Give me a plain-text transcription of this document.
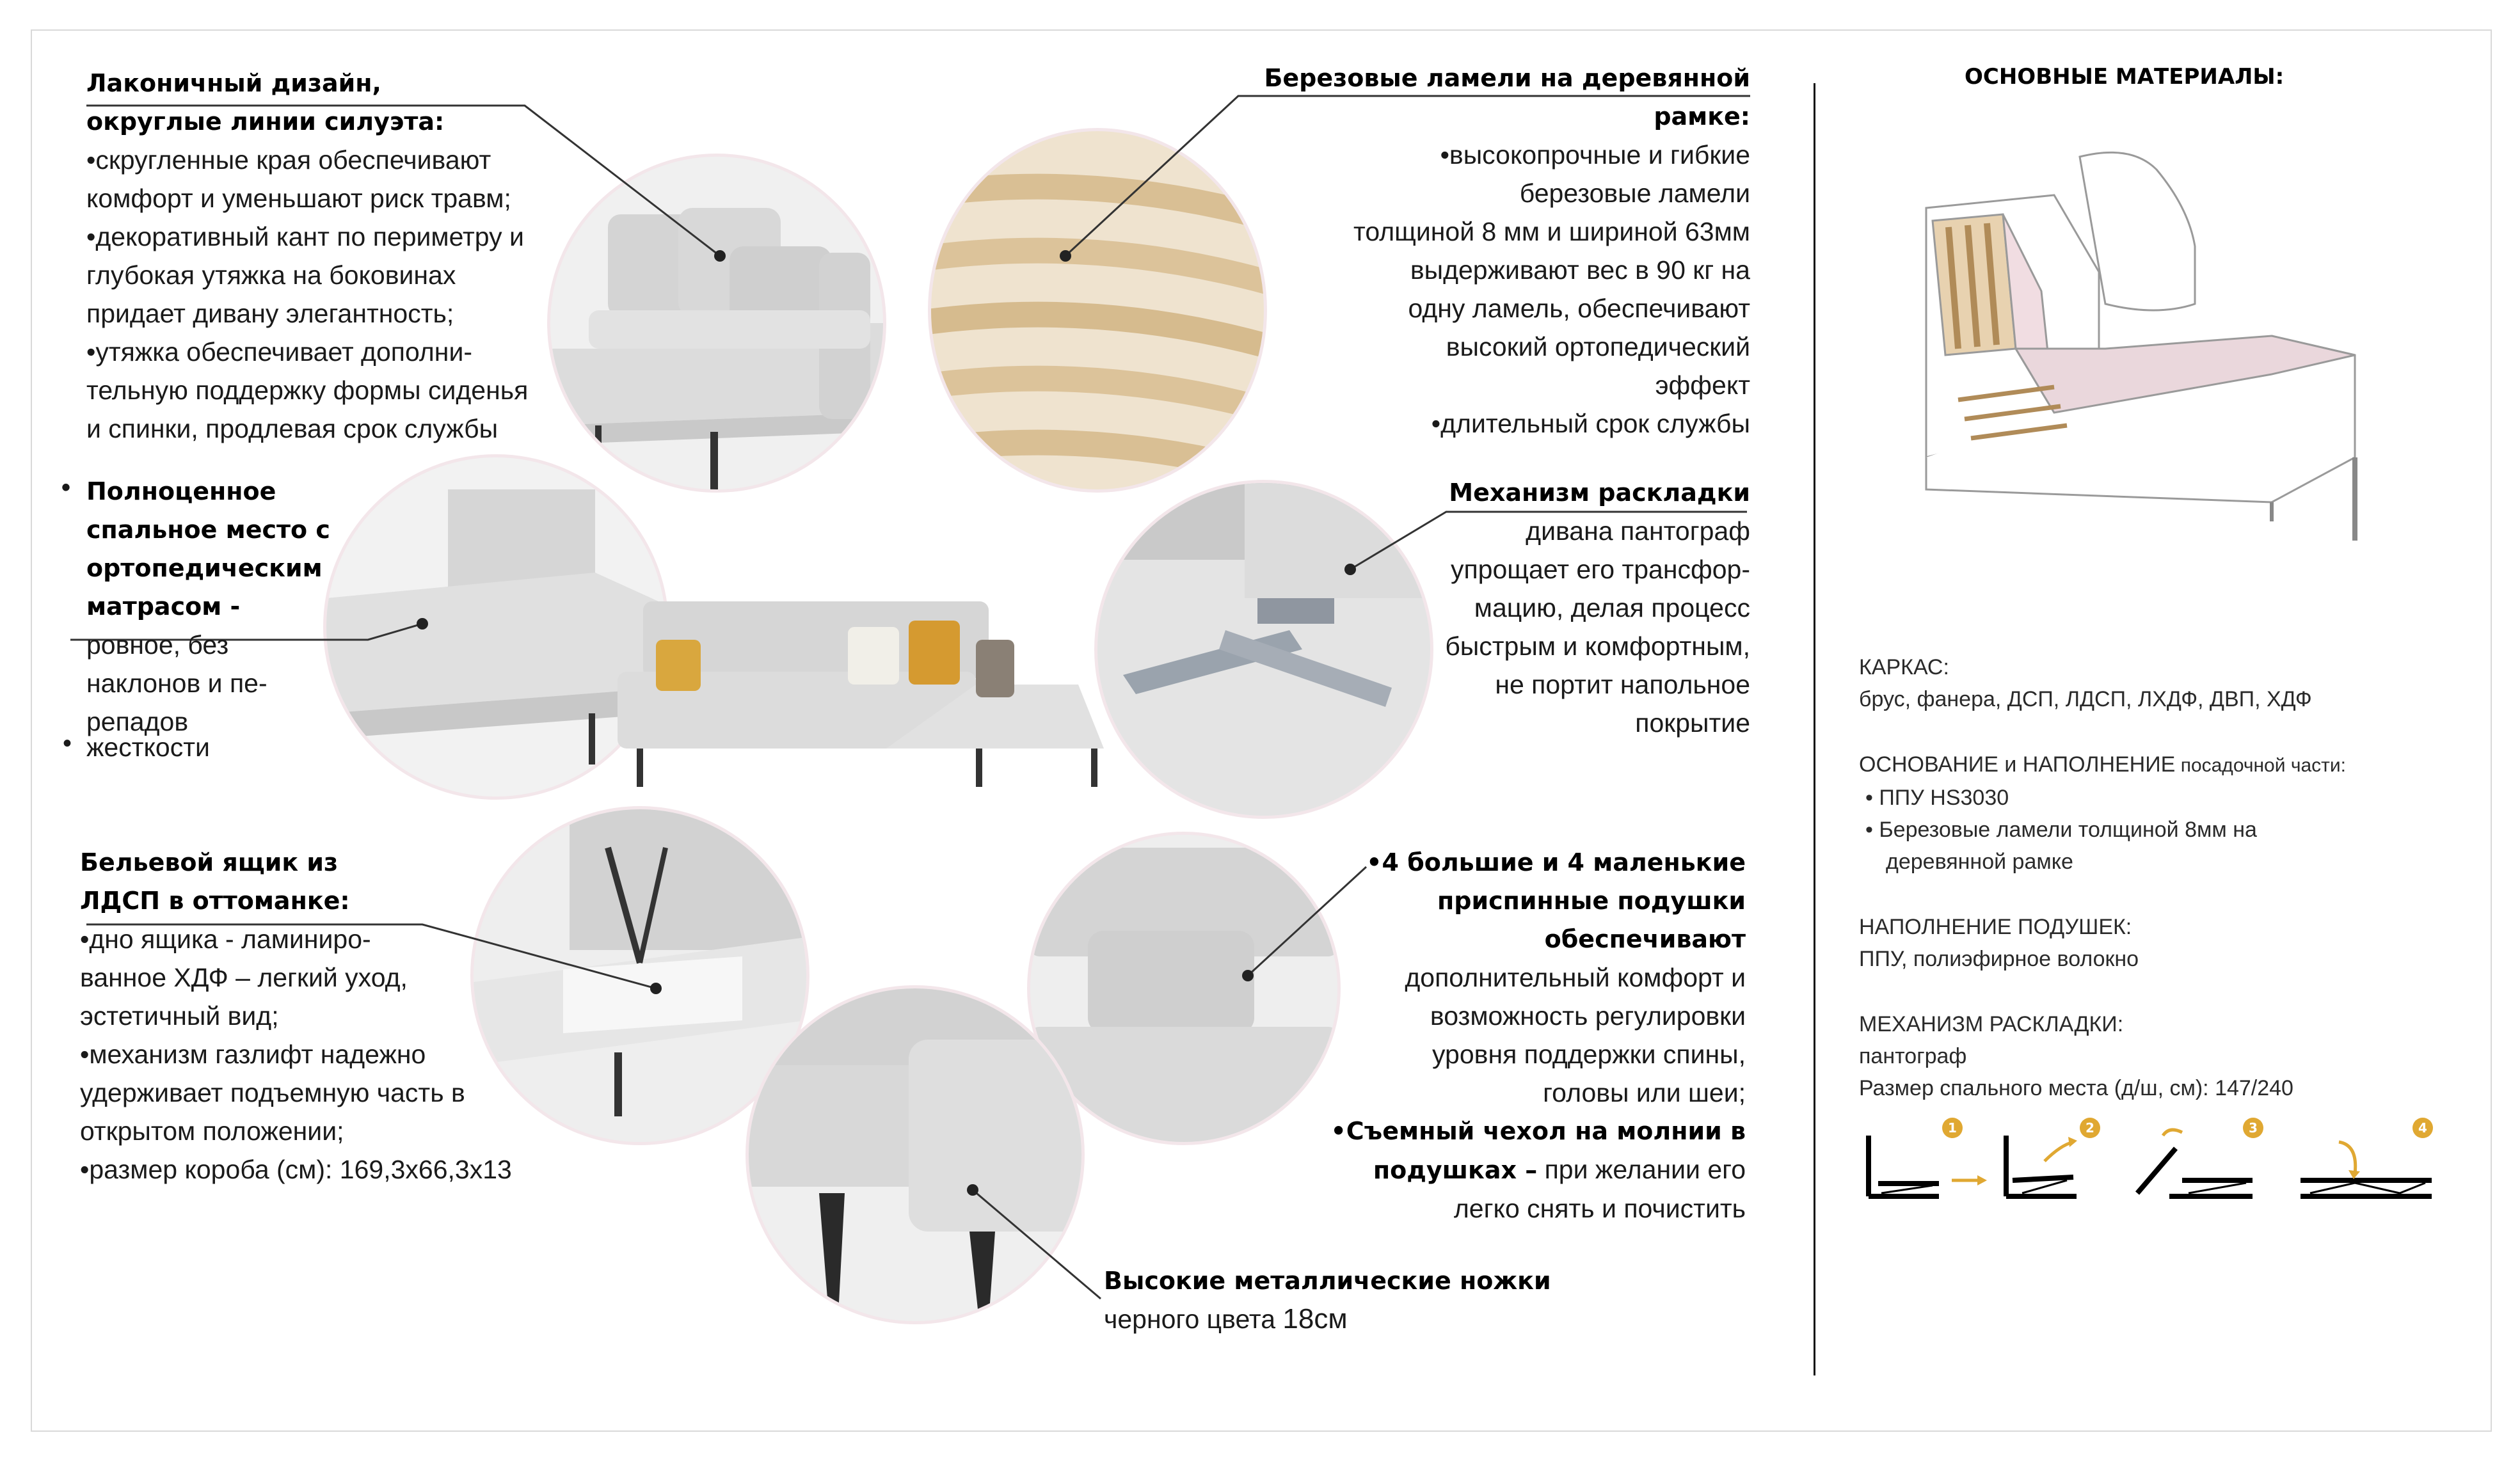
Лаконичный дизайн,
округлые линии силуэта:
•скругленные края обеспечивают
комфорт и уменьшают риск травм;
•декоративный кант по периметру и
глубокая утяжка на боковинах
придает дивану элегантность;
•утяжка обеспечивает дополни-
тельную поддержку формы сиденья
и спинки, продлевая срок службы
• Полноценное
спальное место с
ортопедическим
матрасом -
ровное, без
наклонов и пе-
репадов
• жесткости
Бельевой ящик из
ЛДСП в оттоманке:
•дно ящика - ламиниро-
ванное ХДФ – легкий уход,
эстетичный вид;
•механизм газлифт надежно
удерживает подъемную часть в
открытом положении;
•размер короба (см): 169,3х66,3х13
Березовые ламели на деревянной
рамке:
•высокопрочные и гибкие
березовые ламели
толщиной 8 мм и шириной 63мм
выдерживают вес в 90 кг на
одну ламель, обеспечивают
высокий ортопедический
эффект
•длительный срок службы
Механизм раскладки
дивана пантограф
упрощает его трансфор-
мацию, делая процесс
быстрым и комфортным,
не портит напольное
покрытие
•4 большие и 4 маленькие
приспинные подушки
обеспечивают
дополнительный комфорт и
возможность регулировки
уровня поддержки спины,
головы или шеи;
•Съемный чехол на молнии в
подушках – при желании его
легко снять и почистить
Высокие металлические ножки
черного цвета 18см
ОСНОВНЫЕ МАТЕРИАЛЫ:
КАРКАС:
брус, фанера, ДСП, ЛДСП, ЛХДФ, ДВП, ХДФ
ОСНОВАНИЕ и НАПОЛНЕНИЕ посадочной части:
• ППУ HS3030
• Березовые ламели толщиной 8мм на
деревянной рамке
НАПОЛНЕНИЕ ПОДУШЕК:
ППУ, полиэфирное волокно
МЕХАНИЗМ РАСКЛАДКИ:
пантограф
Размер спального места (д/ш, см): 147/240
1	2	3	4
